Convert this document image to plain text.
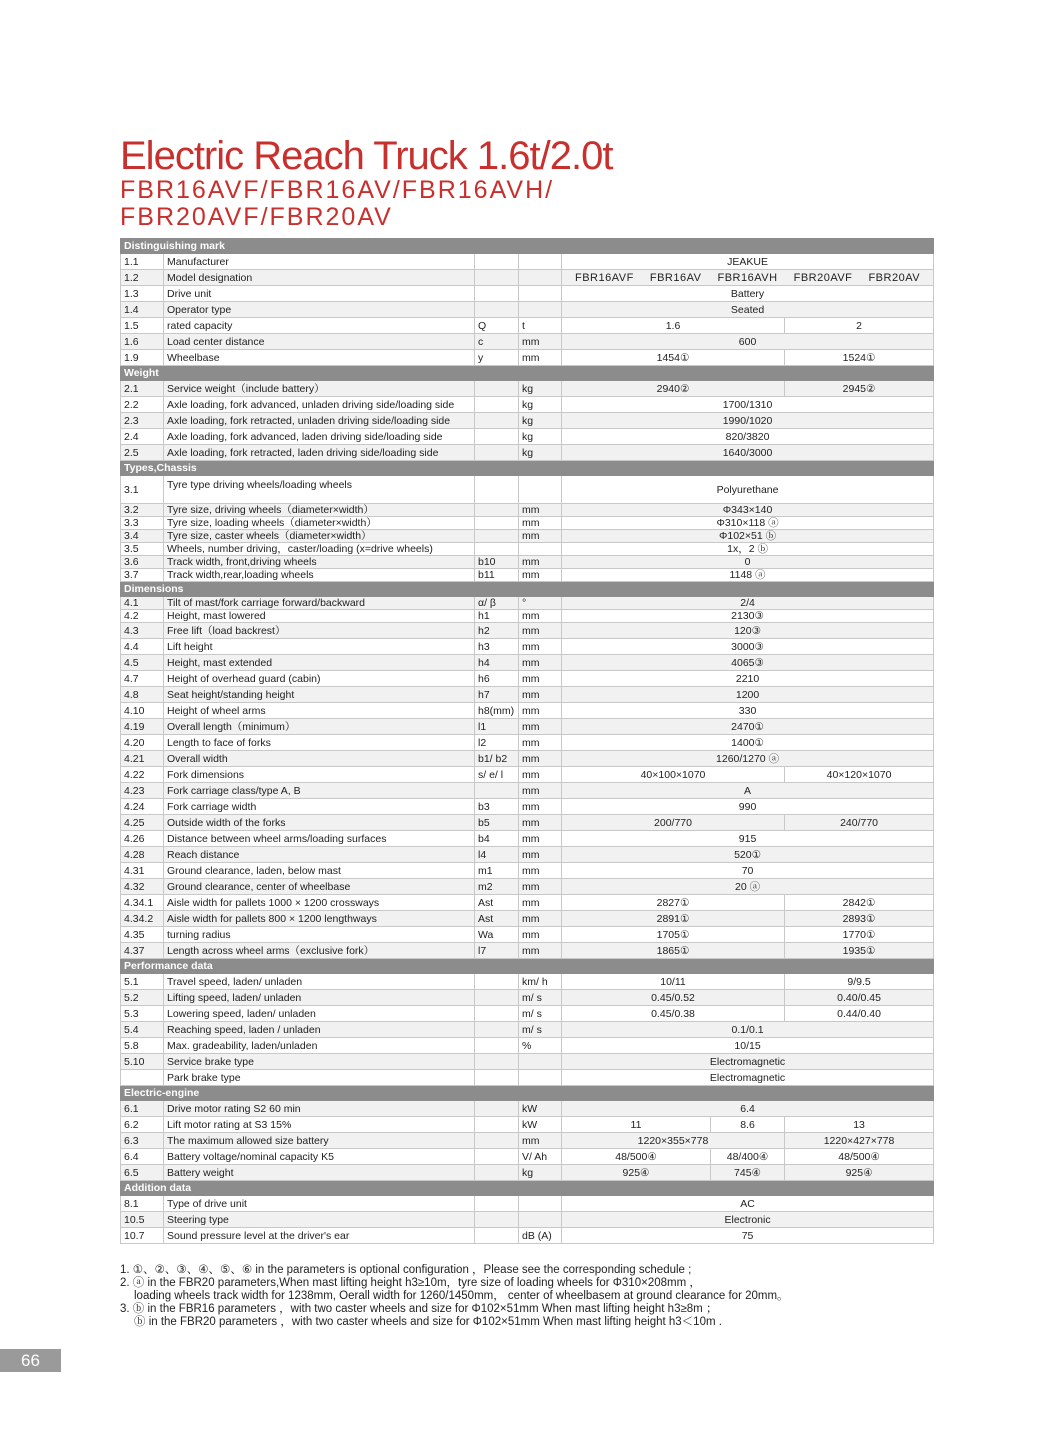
Electric Reach Truck 1.6t/2.0t
FBR16AVF/FBR16AV/FBR16AVH/
FBR20AVF/FBR20AV
Distinguishing mark						
1.1	Manufacturer			JEAKUE		
1.2	Model designation			FBR16AVF FBR16AV FBR16AVH FBR20AVF FBR20AV		

1.3	Drive unit			Battery		
1.4	Operator type			Seated		
1.5	rated capacity	Q	t	1.6		2
1.6	Load center distance	c	mm	600		
1.9	Wheelbase	y	mm	1454①		1524①
Weight						
2.1	Service weight（include battery）		kg	2940②		2945②
2.2	Axle loading, fork advanced, unladen driving side/loading side		kg	1700/1310		
2.3	Axle loading, fork retracted, unladen driving side/loading side		kg	1990/1020		
2.4	Axle loading, fork advanced, laden driving side/loading side		kg	820/3820		
2.5	Axle loading, fork retracted, laden driving side/loading side		kg	1640/3000		
Types,Chassis						
3.1	Tyre type driving wheels/loading wheels			Polyurethane		
3.2	Tyre size, driving wheels（diameter×width）		mm	Φ343×140		
3.3	Tyre size, loading wheels（diameter×width）		mm	Φ310×118 ⓐ		
3.4	Tyre size, caster wheels（diameter×width）		mm	Φ102×51 ⓑ		
3.5	Wheels, number driving，caster/loading (x=drive wheels)			1x，2 ⓑ		
3.6	Track width, front,driving wheels	b10	mm	0		
3.7	Track width,rear,loading wheels	b11	mm	1148 ⓐ		
Dimensions						
4.1	Tilt of mast/fork carriage forward/backward	α/ β	°	2/4		
4.2	Height, mast lowered	h1	mm	2130③		
4.3	Free lift（load backrest）	h2	mm	120③		
4.4	Lift height	h3	mm	3000③		
4.5	Height, mast extended	h4	mm	4065③		
4.7	Height of overhead guard (cabin)	h6	mm	2210		
4.8	Seat height/standing height	h7	mm	1200		
4.10	Height of wheel arms	h8(mm)	mm	330		
4.19	Overall length（minimum）	l1	mm	2470①		
4.20	Length to face of forks	l2	mm	1400①		
4.21	Overall width	b1/ b2	mm	1260/1270 ⓐ		
4.22	Fork dimensions	s/ e/ l	mm	40×100×1070		40×120×1070
4.23	Fork carriage class/type A, B		mm	A		
4.24	Fork carriage width	b3	mm	990		
4.25	Outside width of the forks	b5	mm	200/770		240/770
4.26	Distance between wheel arms/loading surfaces	b4	mm	915		
4.28	Reach distance	l4	mm	520①		
4.31	Ground clearance, laden, below mast	m1	mm	70		
4.32	Ground clearance, center of wheelbase	m2	mm	20 ⓐ		
4.34.1	Aisle width for pallets 1000 × 1200 crossways	Ast	mm	2827①		2842①
4.34.2	Aisle width for pallets 800 × 1200 lengthways	Ast	mm	2891①		2893①
4.35	turning radius	Wa	mm	1705①		1770①
4.37	Length across wheel arms（exclusive fork）	l7	mm	1865①		1935①
Performance data						
5.1	Travel speed, laden/ unladen		km/ h	10/11		9/9.5
5.2	Lifting speed, laden/ unladen		m/ s	0.45/0.52		0.40/0.45
5.3	Lowering speed, laden/ unladen		m/ s	0.45/0.38		0.44/0.40
5.4	Reaching speed, laden / unladen		m/ s	0.1/0.1		
5.8	Max. gradeability, laden/unladen		%	10/15		
5.10	Service brake type			Electromagnetic		
	Park brake type			Electromagnetic		
Electric-engine						
6.1	Drive motor rating S2 60 min		kW	6.4		
6.2	Lift motor rating at S3 15%		kW	11	8.6	13
6.3	The maximum allowed size battery		mm	1220×355×778		1220×427×778
6.4	Battery voltage/nominal capacity K5		V/ Ah	48/500④	48/400④	48/500④
6.5	Battery weight		kg	925④	745④	925④
Addition data						
8.1	Type of drive unit			AC		
10.5	Steering type			Electronic		
10.7	Sound pressure level at the driver's ear		dB (A)	75		

1. ①、②、③、④、⑤、⑥ in the parameters is optional configuration ，Please see the corresponding schedule ;

2. ⓐ in the FBR20 parameters,When mast lifting height h3≥10m，tyre size of loading wheels for Φ310×208mm ，

loading wheels track width for 1238mm, Oerall width for 1260/1450mm， center of wheelbasem at ground clearance for 20mm。

3. ⓑ in the FBR16 parameters ，with two caster wheels and size for Φ102×51mm When mast lifting height h3≥8m ；

ⓑ in the FBR20 parameters ，with two caster wheels and size for Φ102×51mm When mast lifting height h3＜10m .

66
